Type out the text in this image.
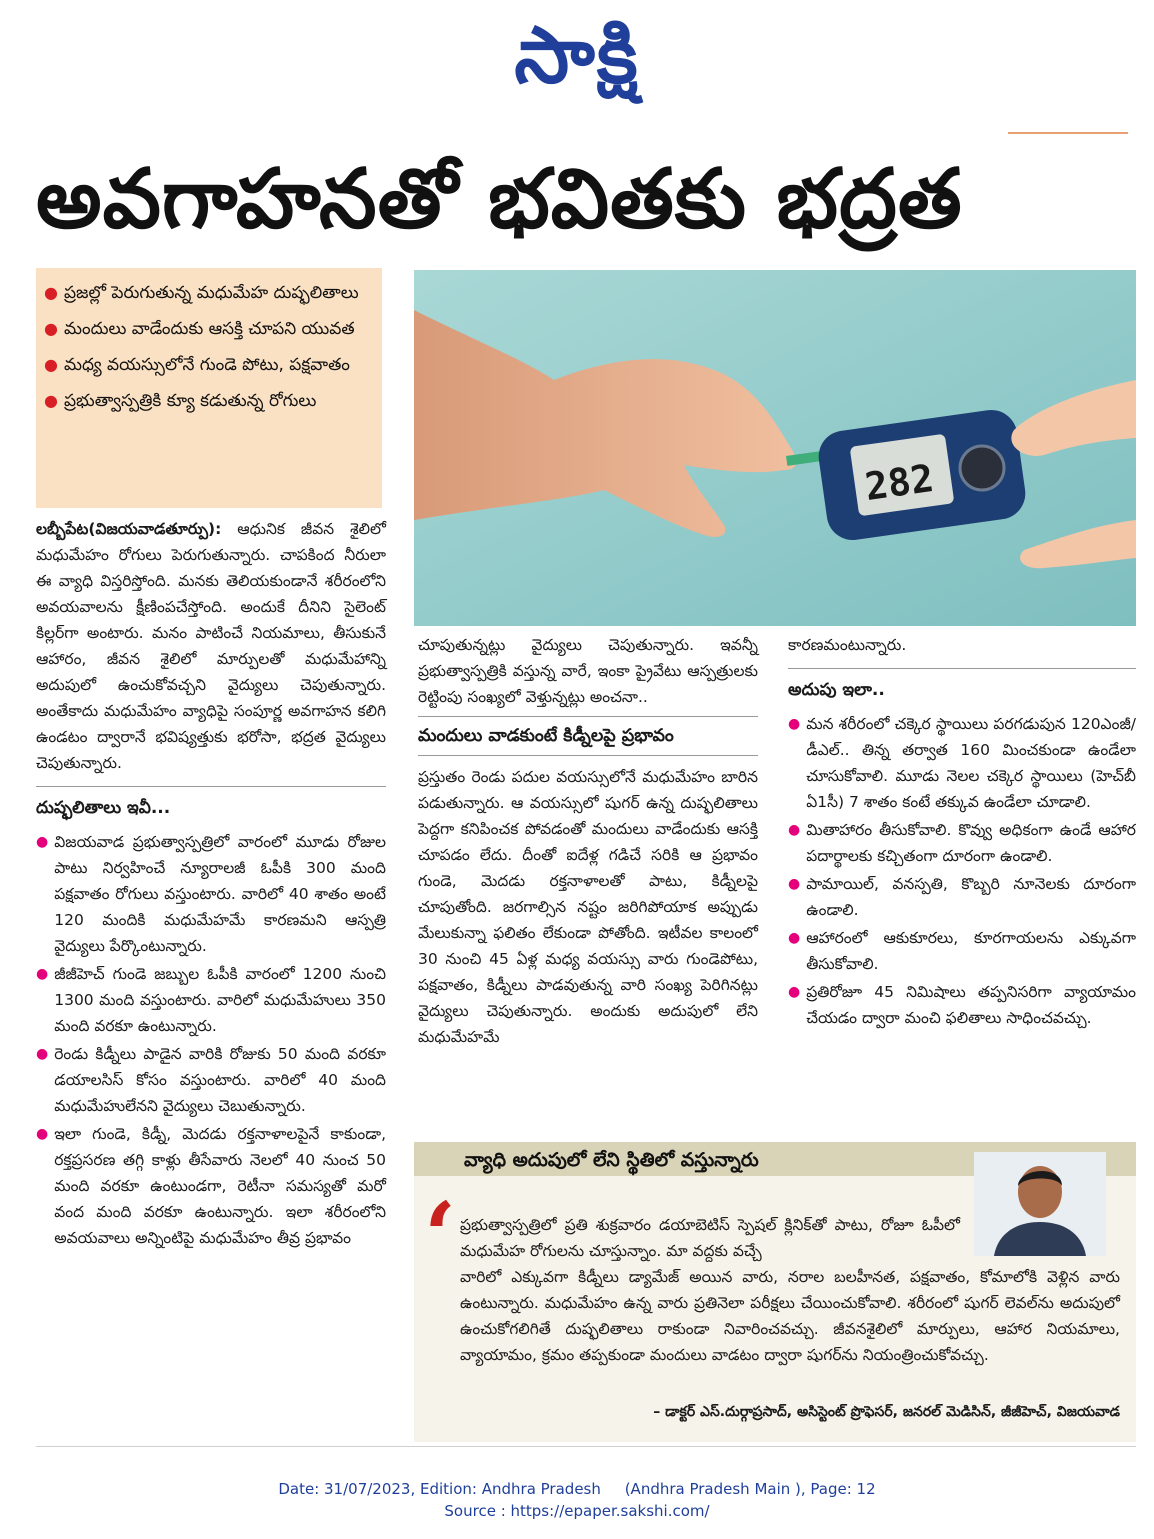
సాక్షి
అవగాహనతో భవితకు భద్రత
● ప్రజల్లో పెరుగుతున్న మధుమేహ దుష్ఫలితాలు
● మందులు వాడేందుకు ఆసక్తి చూపని యువత
● మధ్య వయస్సులోనే గుండె పోటు, పక్షవాతం
● ప్రభుత్వాస్పత్రికి క్యూ కడుతున్న రోగులు
282

లబ్బీపేట(విజయవాడతూర్పు): ఆధునిక జీవన శైలిలో మధుమేహం రోగులు పెరుగుతున్నారు. చాపకింద నీరులా ఈ వ్యాధి విస్తరిస్తోంది. మనకు తెలియకుండానే శరీరంలోని అవయవాలను క్షీణింపచేస్తోంది. అందుకే దీనిని సైలెంట్ కిల్లర్‌గా అంటారు. మనం పాటించే నియమాలు, తీసుకునే ఆహారం, జీవన శైలిలో మార్పులతో మధుమేహాన్ని అదుపులో ఉంచుకోవచ్చని వైద్యులు చెపుతున్నారు. అంతేకాదు మధుమేహం వ్యాధిపై సంపూర్ణ అవగాహన కలిగి ఉండటం ద్వారానే భవిష్యత్తుకు భరోసా, భద్రత వైద్యులు చెపుతున్నారు.

దుష్ఫలితాలు ఇవీ...
● విజయవాడ ప్రభుత్వాస్పత్రిలో వారంలో మూడు రోజుల పాటు నిర్వహించే న్యూరాలజీ ఓపీకి 300 మంది పక్షవాతం రోగులు వస్తుంటారు. వారిలో 40 శాతం అంటే 120 మందికి మధుమేహమే కారణమని ఆస్పత్రి వైద్యులు పేర్కొంటున్నారు.
● జీజీహెచ్ గుండె జబ్బుల ఓపీకి వారంలో 1200 నుంచి 1300 మంది వస్తుంటారు. వారిలో మధుమేహులు 350 మంది వరకూ ఉంటున్నారు.
● రెండు కిడ్నీలు పాడైన వారికి రోజుకు 50 మంది వరకూ డయాలసిస్ కోసం వస్తుంటారు. వారిలో 40 మంది మధుమేహులేనని వైద్యులు చెబుతున్నారు.
● ఇలా గుండె, కిడ్నీ, మెదడు రక్తనాళాలపైనే కాకుండా, రక్తప్రసరణ తగ్గి కాళ్లు తీసేవారు నెలలో 40 నుంచ 50 మంది వరకూ ఉంటుండగా, రెటీనా సమస్యతో మరో వంద మంది వరకూ ఉంటున్నారు. ఇలా శరీరంలోని అవయవాలు అన్నింటిపై మధుమేహం తీవ్ర ప్రభావం

చూపుతున్నట్లు వైద్యులు చెపుతున్నారు. ఇవన్నీ ప్రభుత్వాస్పత్రికి వస్తున్న వారే, ఇంకా ప్రైవేటు ఆస్పత్రులకు రెట్టింపు సంఖ్యలో వెళ్తున్నట్లు అంచనా..

మందులు వాడకుంటే కిడ్నీలపై ప్రభావం

ప్రస్తుతం రెండు పదుల వయస్సులోనే మధుమేహం బారిన పడుతున్నారు. ఆ వయస్సులో షుగర్ ఉన్న దుష్ఫలితాలు పెద్దగా కనిపించక పోవడంతో మందులు వాడేందుకు ఆసక్తి చూపడం లేదు. దీంతో ఐదేళ్ల గడిచే సరికి ఆ ప్రభావం గుండె, మెదడు రక్తనాళాలతో పాటు, కిడ్నీలపై చూపుతోంది. జరగాల్సిన నష్టం జరిగిపోయాక అప్పుడు మేలుకున్నా ఫలితం లేకుండా పోతోంది. ఇటీవల కాలంలో 30 నుంచి 45 ఏళ్ల మధ్య వయస్సు వారు గుండెపోటు, పక్షవాతం, కిడ్నీలు పాడవుతున్న వారి సంఖ్య పెరిగినట్లు వైద్యులు చెపుతున్నారు. అందుకు అదుపులో లేని మధుమేహమే

కారణమంటున్నారు.

అదుపు ఇలా..
● మన శరీరంలో చక్కెర స్థాయిలు పరగడుపున 120ఎంజీ/డీఎల్.. తిన్న తర్వాత 160 మించకుండా ఉండేలా చూసుకోవాలి. మూడు నెలల చక్కెర స్థాయిలు (హెచ్‌బీ ఏ1సీ) 7 శాతం కంటే తక్కువ ఉండేలా చూడాలి.
● మితాహారం తీసుకోవాలి. కొవ్వు అధికంగా ఉండే ఆహార పదార్థాలకు కచ్చితంగా దూరంగా ఉండాలి.
● పామాయిల్, వనస్పతి, కొబ్బరి నూనెలకు దూరంగా ఉండాలి.
● ఆహారంలో ఆకుకూరలు, కూరగాయలను ఎక్కువగా తీసుకోవాలి.
● ప్రతిరోజూ 45 నిమిషాలు తప్పనిసరిగా వ్యాయామం చేయడం ద్వారా మంచి ఫలితాలు సాధించవచ్చు.
వ్యాధి అదుపులో లేని స్థితిలో వస్తున్నారు
‘ ప్రభుత్వాస్పత్రిలో ప్రతి శుక్రవారం డయాబెటిస్ స్పెషల్ క్లినిక్‌తో పాటు, రోజూ ఓపీలో మధుమేహ రోగులను చూస్తున్నాం. మా వద్దకు వచ్చే
వారిలో ఎక్కువగా కిడ్నీలు డ్యామేజ్ అయిన వారు, నరాల బలహీనత, పక్షవాతం, కోమాలోకి వెళ్లిన వారు ఉంటున్నారు. మధుమేహం ఉన్న వారు ప్రతినెలా పరీక్షలు చేయించుకోవాలి. శరీరంలో షుగర్ లెవల్‌ను అదుపులో ఉంచుకోగలిగితే దుష్ఫలితాలు రాకుండా నివారించవచ్చు. జీవనశైలిలో మార్పులు, ఆహార నియమాలు, వ్యాయామం, క్రమం తప్పకుండా మందులు వాడటం ద్వారా షుగర్‌ను నియంత్రించుకోవచ్చు.
– డాక్టర్ ఎస్.దుర్గాప్రసాద్, అసిస్టెంట్ ప్రొఫెసర్, జనరల్ మెడిసిన్, జీజీహెచ్, విజయవాడ
Date: 31/07/2023, Edition: Andhra Pradesh     (Andhra Pradesh Main ), Page: 12
Source : https://epaper.sakshi.com/
